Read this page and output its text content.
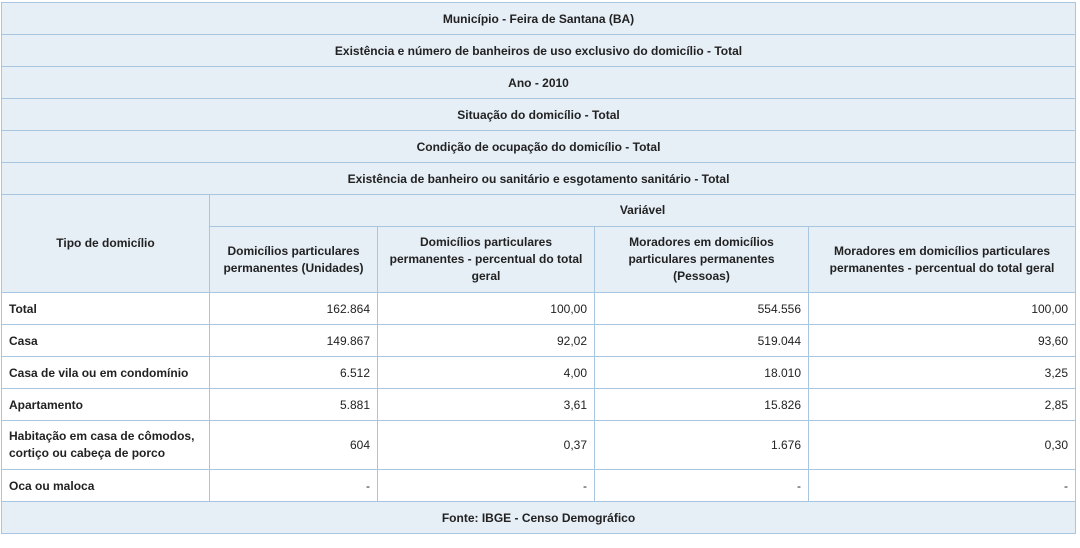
Município - Feira de Santana (BA)				
Existência e número de banheiros de uso exclusivo do domicílio - Total				
Ano - 2010				
Situação do domicílio - Total				
Condição de ocupação do domicílio - Total				
Existência de banheiro ou sanitário e esgotamento sanitário - Total				
Tipo de domicílio	Variável			
	Domicílios particulares permanentes (Unidades)	Domicílios particulares permanentes - percentual do total geral	Moradores em domicílios particulares permanentes (Pessoas)	Moradores em domicílios particulares permanentes - percentual do total geral
Total	162.864	100,00	554.556	100,00
Casa	149.867	92,02	519.044	93,60
Casa de vila ou em condomínio	6.512	4,00	18.010	3,25
Apartamento	5.881	3,61	15.826	2,85
Habitação em casa de cômodos, cortiço ou cabeça de porco	604	0,37	1.676	0,30
Oca ou maloca	-	-	-	-
Fonte: IBGE - Censo Demográfico				
